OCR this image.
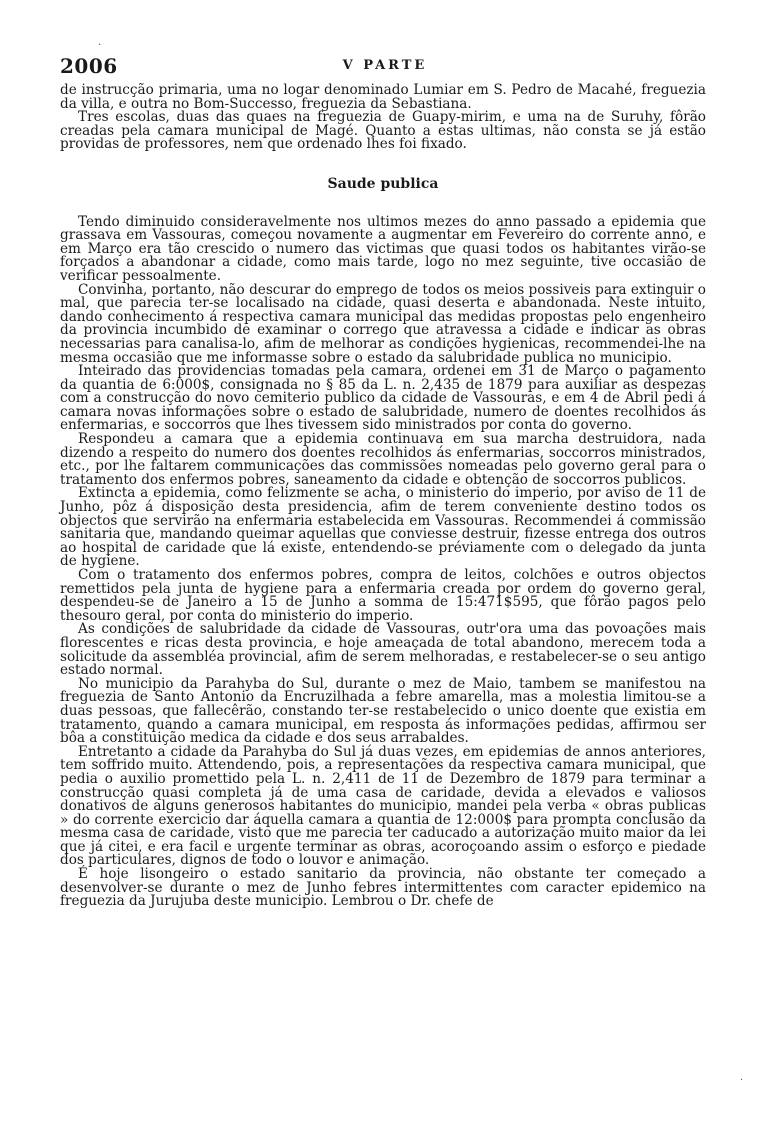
2006	V PARTE

de instrucção primaria, uma no logar denominado Lumiar em S. Pedro de Macahé, freguezia da villa, e outra no Bom-Successo, freguezia da Sebastiana.

Tres escolas, duas das quaes na freguezia de Guapy-mirim, e uma na de Suruhy, fôrão creadas pela camara municipal de Magé. Quanto a estas ultimas, não consta se já estão providas de professores, nem que ordenado lhes foi fixado.

Saude publica

Tendo diminuido consideravelmente nos ultimos mezes do anno passado a epidemia que grassava em Vassouras, começou novamente a augmentar em Fevereiro do corrente anno, e em Março era tão crescido o numero das victimas que quasi todos os habitantes virão-se forçados a abandonar a cidade, como mais tarde, logo no mez seguinte, tive occasião de verificar pessoalmente.

Convinha, portanto, não descurar do emprego de todos os meios possiveis para extinguir o mal, que parecia ter-se localisado na cidade, quasi deserta e abandonada. Neste intuito, dando conhecimento á respectiva camara municipal das medidas propostas pelo engenheiro da provincia incumbido de examinar o corrego que atravessa a cidade e indicar as obras necessarias para canalisa-lo, afim de melhorar as condições hygienicas, recommendei-lhe na mesma occasião que me informasse sobre o estado da salubridade publica no municipio.

Inteirado das providencias tomadas pela camara, ordenei em 31 de Março o pagamento da quantia de 6:000$, consignada no § 85 da L. n. 2,435 de 1879 para auxiliar as despezas com a construcção do novo cemiterio publico da cidade de Vassouras, e em 4 de Abril pedi á camara novas informações sobre o estado de salubridade, numero de doentes recolhidos ás enfermarias, e soccorros que lhes tivessem sido ministrados por conta do governo.

Respondeu a camara que a epidemia continuava em sua marcha destruidora, nada dizendo a respeito do numero dos doentes recolhidos ás enfermarias, soccorros ministrados, etc., por lhe faltarem communicações das commissões nomeadas pelo governo geral para o tratamento dos enfermos pobres, saneamento da cidade e obtenção de soccorros publicos.

Extincta a epidemia, como felizmente se acha, o ministerio do imperio, por aviso de 11 de Junho, pôz á disposição desta presidencia, afim de terem conveniente destino todos os objectos que servirão na enfermaria estabelecida em Vassouras. Recommendei á commissão sanitaria que, mandando queimar aquellas que conviesse destruir, fizesse entrega dos outros ao hospital de caridade que lá existe, entendendo-se préviamente com o delegado da junta de hygiene.

Com o tratamento dos enfermos pobres, compra de leitos, colchões e outros objectos remettidos pela junta de hygiene para a enfermaria creada por ordem do governo geral, despendeu-se de Janeiro a 15 de Junho a somma de 15:471$595, que fôrão pagos pelo thesouro geral, por conta do ministerio do imperio.

As condições de salubridade da cidade de Vassouras, outr'ora uma das povoações mais florescentes e ricas desta provincia, e hoje ameaçada de total abandono, merecem toda a solicitude da assembléa provincial, afim de serem melhoradas, e restabelecer-se o seu antigo estado normal.

No municipio da Parahyba do Sul, durante o mez de Maio, tambem se manifestou na freguezia de Santo Antonio da Encruzilhada a febre amarella, mas a molestia limitou-se a duas pessoas, que fallecêrão, constando ter-se restabelecido o unico doente que existia em tratamento, quando a camara municipal, em resposta ás informações pedidas, affirmou ser bôa a constituição medica da cidade e dos seus arrabaldes.

Entretanto a cidade da Parahyba do Sul já duas vezes, em epidemias de annos anteriores, tem soffrido muito. Attendendo, pois, a representações da respectiva camara municipal, que pedia o auxilio promettido pela L. n. 2,411 de 11 de Dezembro de 1879 para terminar a construcção quasi completa já de uma casa de caridade, devida a elevados e valiosos donativos de alguns generosos habitantes do municipio, mandei pela verba « obras publicas » do corrente exercicio dar áquella camara a quantia de 12:000$ para prompta conclusão da mesma casa de caridade, visto que me parecia ter caducado a autorização muito maior da lei que já citei, e era facil e urgente terminar as obras, acoroçoando assim o esforço e piedade dos particulares, dignos de todo o louvor e animação.

É hoje lisongeiro o estado sanitario da provincia, não obstante ter começado a desenvolver-se durante o mez de Junho febres intermittentes com caracter epidemico na freguezia da Jurujuba deste municipio. Lembrou o Dr. chefe de

·
·
